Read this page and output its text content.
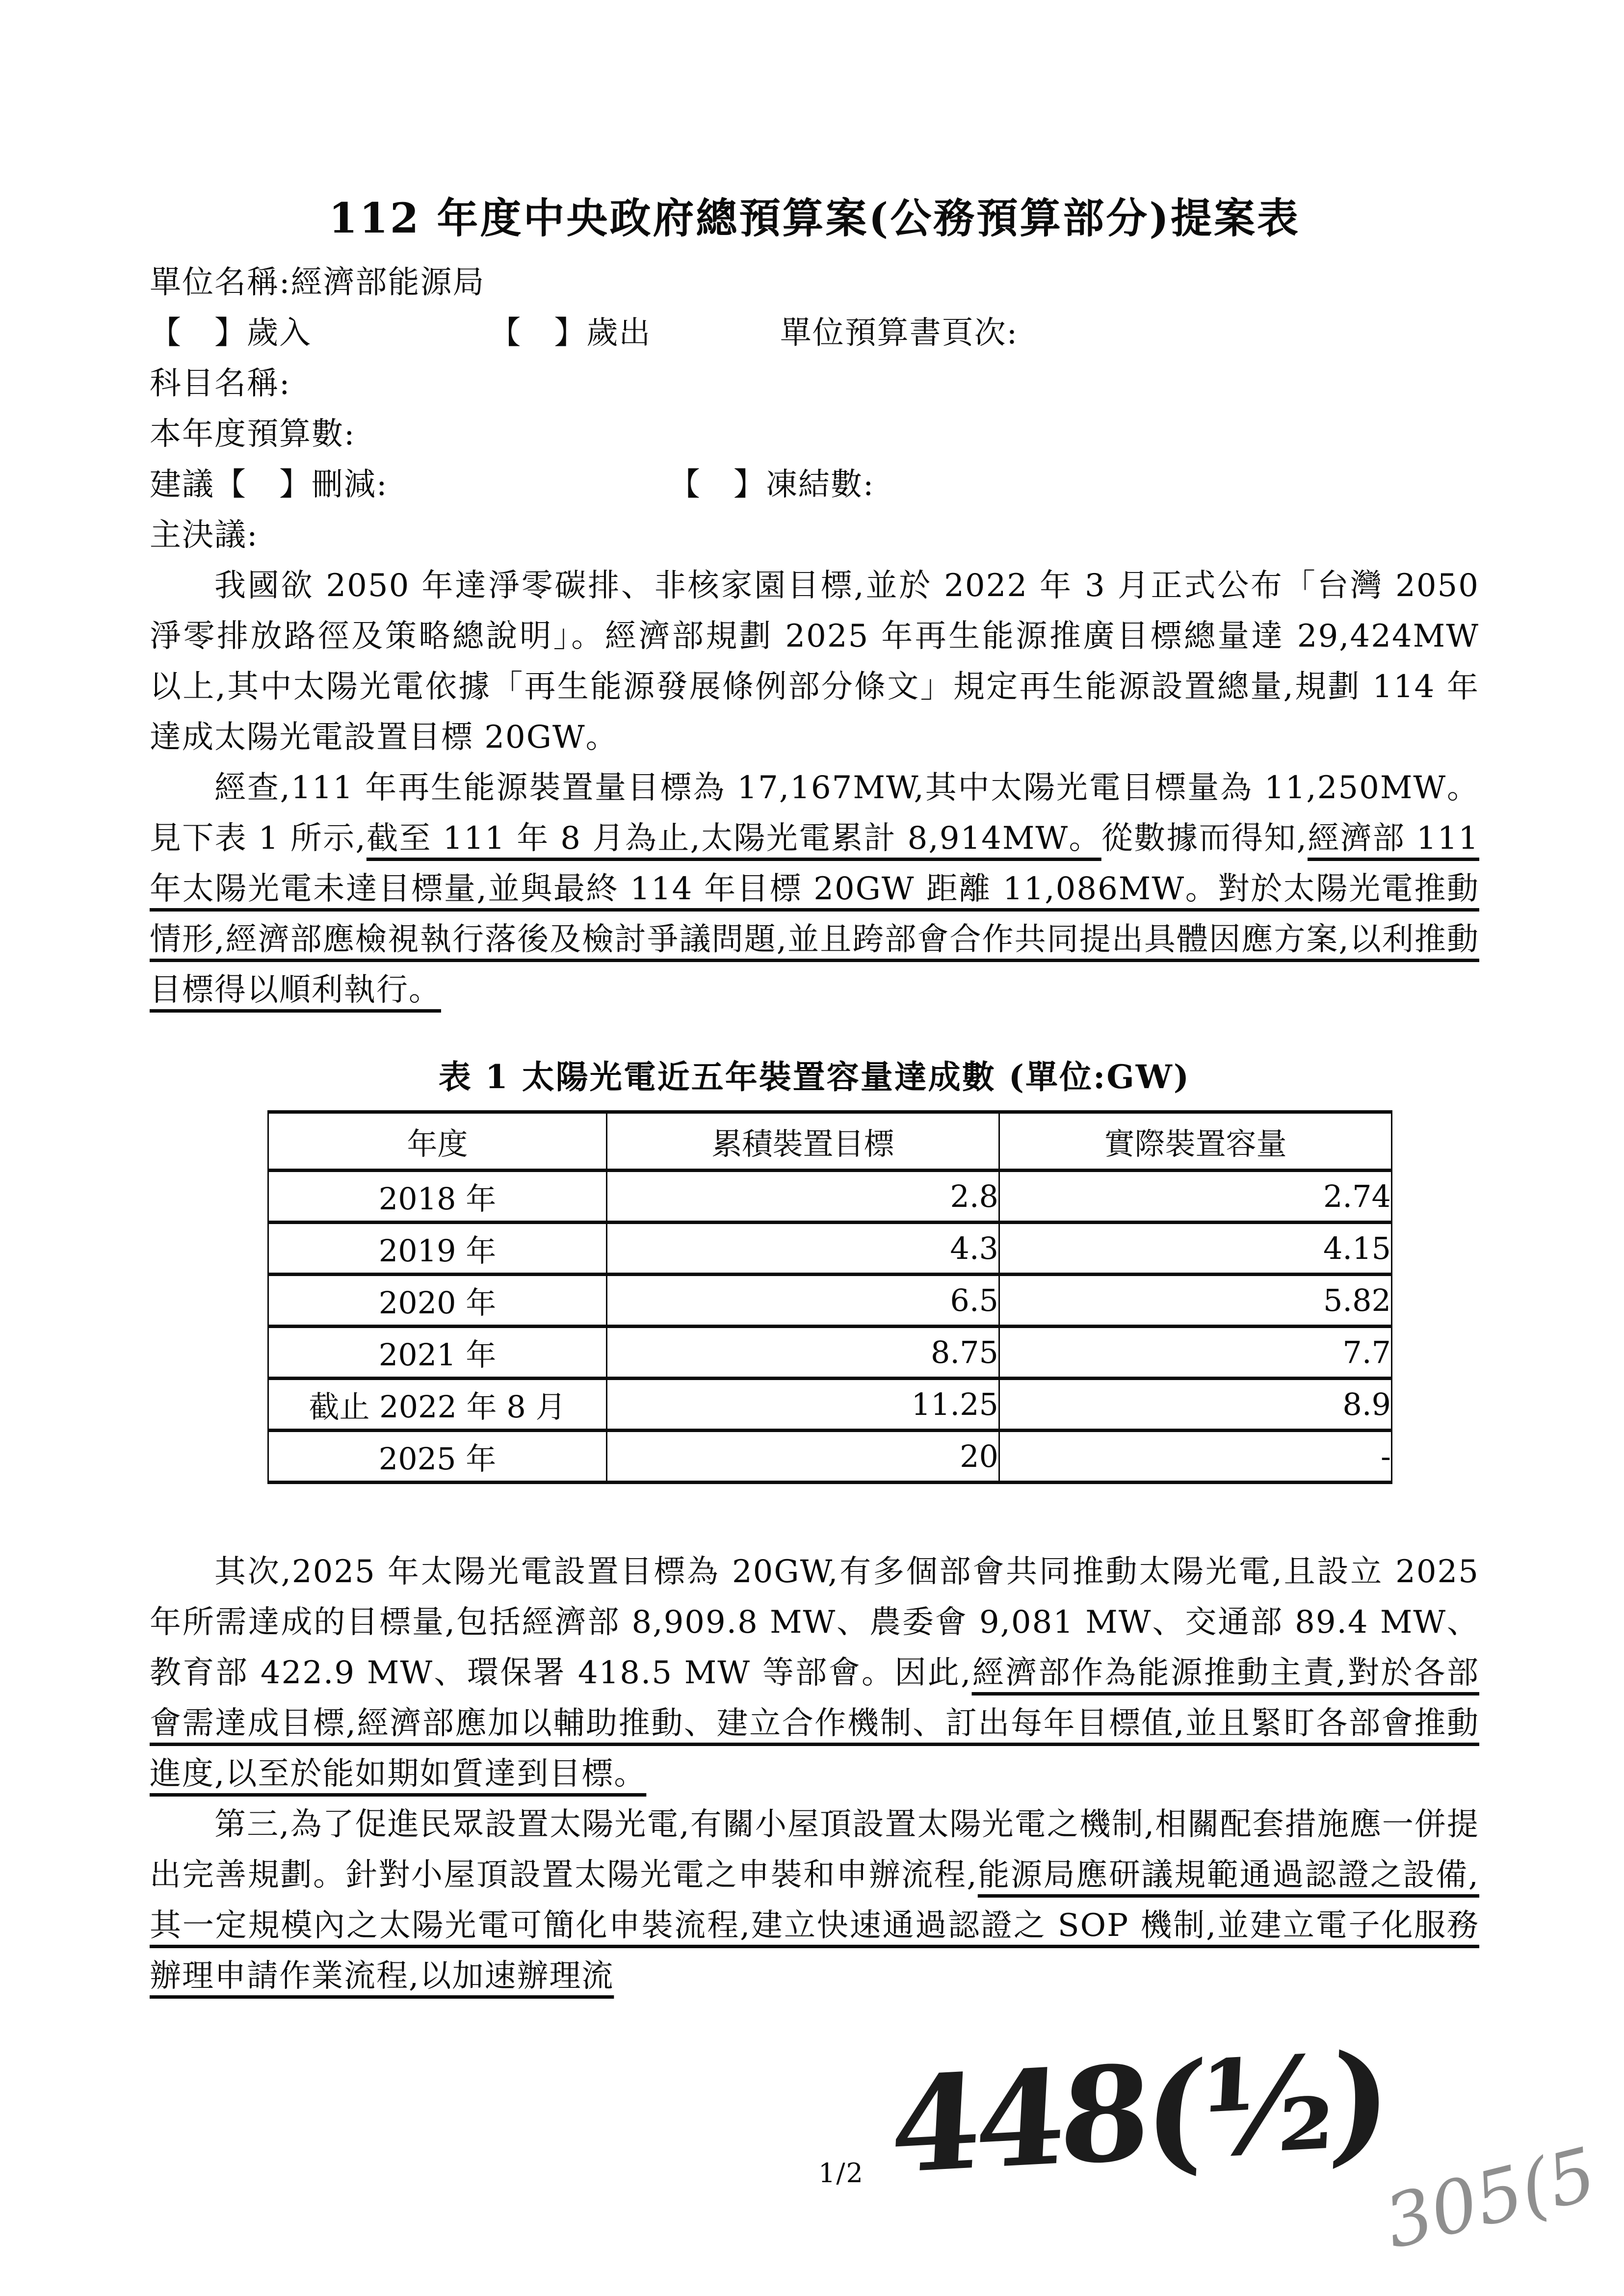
112 年度中央政府總預算案(公務預算部分)提案表
單位名稱:經濟部能源局
【　】歲入	【　】歲出	單位預算書頁次:
科目名稱:
本年度預算數:
建議【　】刪減:	【　】凍結數:
主決議:

我國欲 2050 年達淨零碳排、非核家園目標,並於 2022 年 3 月正式公布「台灣 2050 淨零排放路徑及策略總說明」。經濟部規劃 2025 年再生能源推廣目標總量達 29,424MW 以上,其中太陽光電依據「再生能源發展條例部分條文」規定再生能源設置總量,規劃 114 年達成太陽光電設置目標 20GW。

經查,111 年再生能源裝置量目標為 17,167MW,其中太陽光電目標量為 11,250MW。見下表 1 所示,截至 111 年 8 月為止,太陽光電累計 8,914MW。從數據而得知,經濟部 111 年太陽光電未達目標量,並與最終 114 年目標 20GW 距離 11,086MW。對於太陽光電推動情形,經濟部應檢視執行落後及檢討爭議問題,並且跨部會合作共同提出具體因應方案,以利推動目標得以順利執行。

表 1 太陽光電近五年裝置容量達成數 (單位:GW)
年度	累積裝置目標	實際裝置容量
2018 年	2.8	2.74
2019 年	4.3	4.15
2020 年	6.5	5.82
2021 年	8.75	7.7
截止 2022 年 8 月	11.25	8.9
2025 年	20	-

其次,2025 年太陽光電設置目標為 20GW,有多個部會共同推動太陽光電,且設立 2025 年所需達成的目標量,包括經濟部 8,909.8 MW、農委會 9,081 MW、交通部 89.4 MW、教育部 422.9 MW、環保署 418.5 MW 等部會。因此,經濟部作為能源推動主責,對於各部會需達成目標,經濟部應加以輔助推動、建立合作機制、訂出每年目標值,並且緊盯各部會推動進度,以至於能如期如質達到目標。

第三,為了促進民眾設置太陽光電,有關小屋頂設置太陽光電之機制,相關配套措施應一併提出完善規劃。針對小屋頂設置太陽光電之申裝和申辦流程,能源局應研議規範通過認證之設備,其一定規模內之太陽光電可簡化申裝流程,建立快速通過認證之 SOP 機制,並建立電子化服務辦理申請作業流程,以加速辦理流

1/2 448(½)
305(5
